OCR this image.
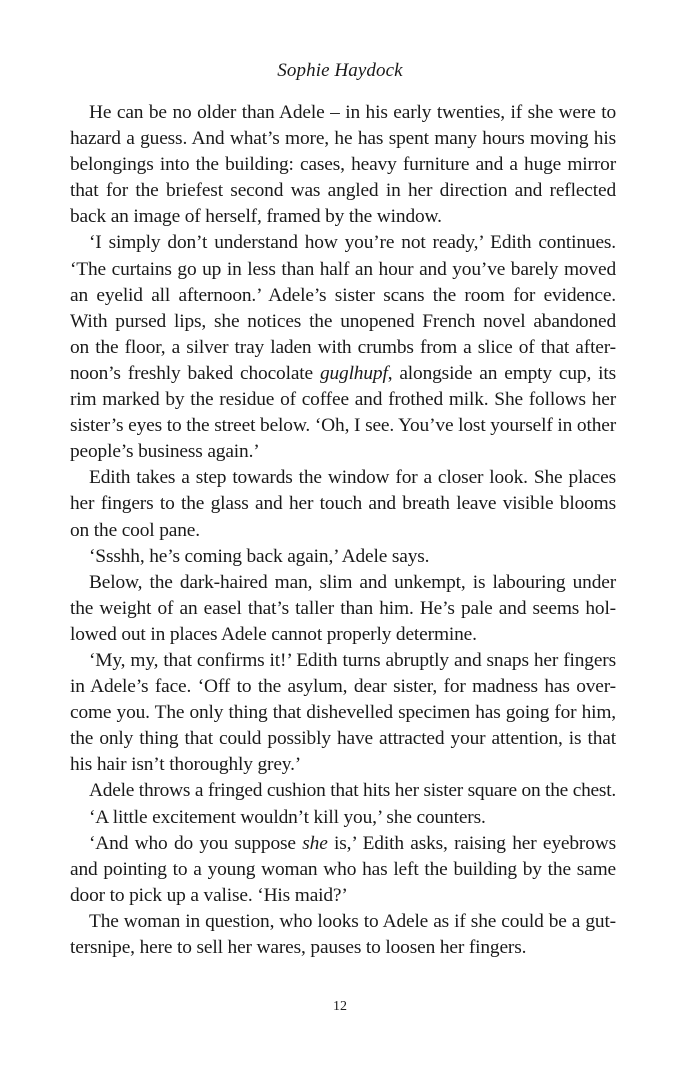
Sophie Haydock
He can be no older than Adele – in his early twenties, if she were to
hazard a guess. And what’s more, he has spent many hours moving his
belongings into the building: cases, heavy furniture and a huge mirror
that for the briefest second was angled in her direction and reflected
back an image of herself, framed by the window.
‘I simply don’t understand how you’re not ready,’ Edith continues.
‘The curtains go up in less than half an hour and you’ve barely moved
an eyelid all afternoon.’ Adele’s sister scans the room for evidence.
With pursed lips, she notices the unopened French novel abandoned
on the floor, a silver tray laden with crumbs from a slice of that after-
noon’s freshly baked chocolate guglhupf, alongside an empty cup, its
rim marked by the residue of coffee and frothed milk. She follows her
sister’s eyes to the street below. ‘Oh, I see. You’ve lost yourself in other
people’s business again.’
Edith takes a step towards the window for a closer look. She places
her fingers to the glass and her touch and breath leave visible blooms
on the cool pane.
‘Ssshh, he’s coming back again,’ Adele says.
Below, the dark-haired man, slim and unkempt, is labouring under
the weight of an easel that’s taller than him. He’s pale and seems hol-
lowed out in places Adele cannot properly determine.
‘My, my, that confirms it!’ Edith turns abruptly and snaps her fingers
in Adele’s face. ‘Off to the asylum, dear sister, for madness has over-
come you. The only thing that dishevelled specimen has going for him,
the only thing that could possibly have attracted your attention, is that
his hair isn’t thoroughly grey.’
Adele throws a fringed cushion that hits her sister square on the chest.
‘A little excitement wouldn’t kill you,’ she counters.
‘And who do you suppose she is,’ Edith asks, raising her eyebrows
and pointing to a young woman who has left the building by the same
door to pick up a valise. ‘His maid?’
The woman in question, who looks to Adele as if she could be a gut-
tersnipe, here to sell her wares, pauses to loosen her fingers.
12
